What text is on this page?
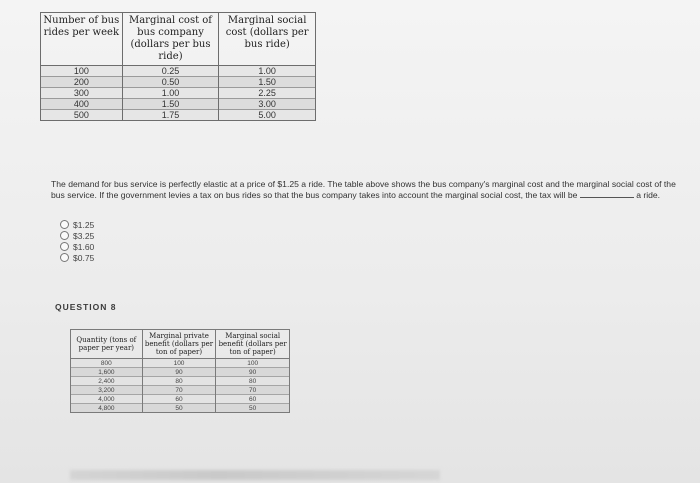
Number of bus rides per week	Marginal cost of bus company (dollars per bus ride)	Marginal social cost (dollars per bus ride)
100	0.25	1.00
200	0.50	1.50
300	1.00	2.25
400	1.50	3.00
500	1.75	5.00
The demand for bus service is perfectly elastic at a price of $1.25 a ride. The table above shows the bus company's marginal cost and the marginal social cost of the bus service. If the government levies a tax on bus rides so that the bus company takes into account the marginal social cost, the tax will be	a ride.
$1.25
$3.25
$1.60
$0.75
QUESTION 8
Quantity (tons of paper per year)	Marginal private benefit (dollars per ton of paper)	Marginal social benefit (dollars per ton of paper)
800	100	100
1,600	90	90
2,400	80	80
3,200	70	70
4,000	60	60
4,800	50	50
